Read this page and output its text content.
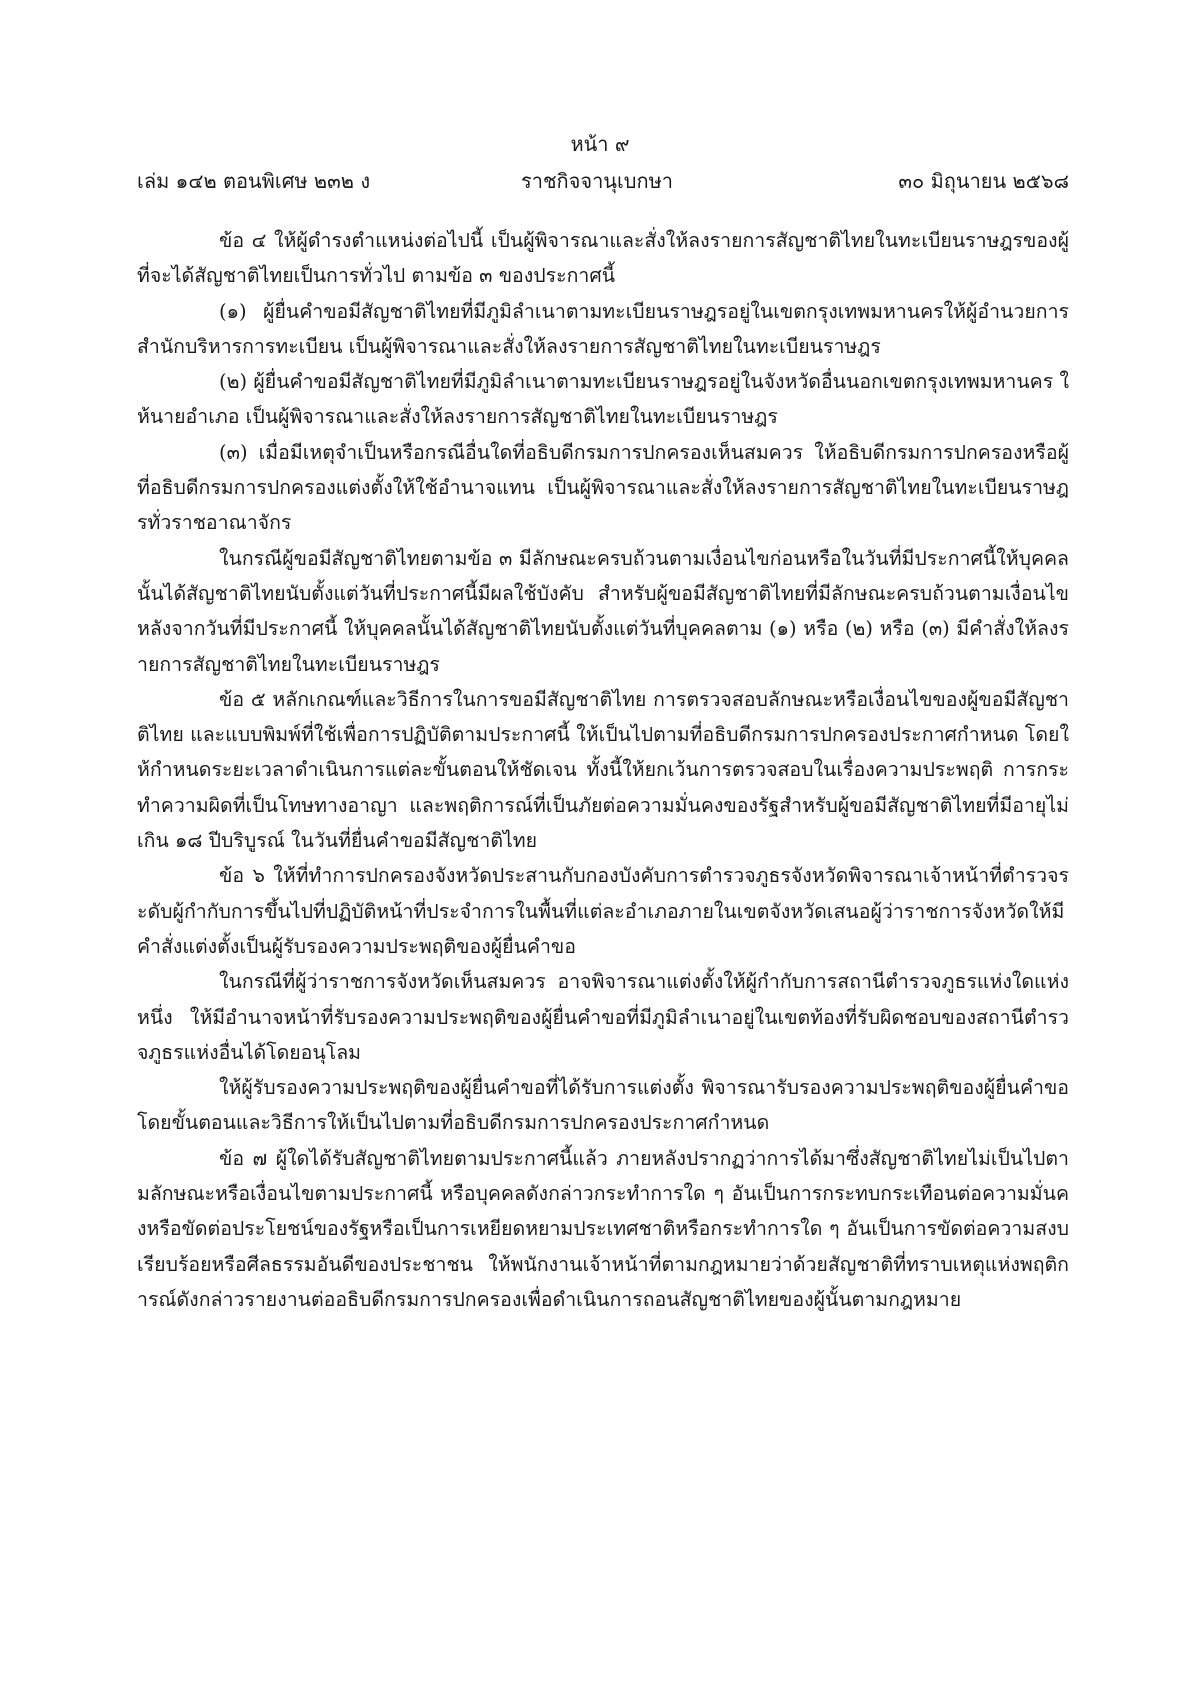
หน้า ๙
เล่ม ๑๔๒ ตอนพิเศษ ๒๓๒ ง	ราชกิจจานุเบกษา	๓๐ มิถุนายน ๒๕๖๘

ข้อ ๔ ให้ผู้ดำรงตำแหน่งต่อไปนี้ เป็นผู้พิจารณาและสั่งให้ลงรายการสัญชาติไทยในทะเบียนราษฎรของผู้ที่จะได้สัญชาติไทยเป็นการทั่วไป ตามข้อ ๓ ของประกาศนี้

(๑) ผู้ยื่นคำขอมีสัญชาติไทยที่มีภูมิลำเนาตามทะเบียนราษฎรอยู่ในเขตกรุงเทพมหานครให้ผู้อำนวยการสำนักบริหารการทะเบียน เป็นผู้พิจารณาและสั่งให้ลงรายการสัญชาติไทยในทะเบียนราษฎร

(๒) ผู้ยื่นคำขอมีสัญชาติไทยที่มีภูมิลำเนาตามทะเบียนราษฎรอยู่ในจังหวัดอื่นนอกเขตกรุงเทพมหานคร ให้นายอำเภอ เป็นผู้พิจารณาและสั่งให้ลงรายการสัญชาติไทยในทะเบียนราษฎร

(๓) เมื่อมีเหตุจำเป็นหรือกรณีอื่นใดที่อธิบดีกรมการปกครองเห็นสมควร ให้อธิบดีกรมการปกครองหรือผู้ที่อธิบดีกรมการปกครองแต่งตั้งให้ใช้อำนาจแทน เป็นผู้พิจารณาและสั่งให้ลงรายการสัญชาติไทยในทะเบียนราษฎรทั่วราชอาณาจักร

ในกรณีผู้ขอมีสัญชาติไทยตามข้อ ๓ มีลักษณะครบถ้วนตามเงื่อนไขก่อนหรือในวันที่มีประกาศนี้ให้บุคคลนั้นได้สัญชาติไทยนับตั้งแต่วันที่ประกาศนี้มีผลใช้บังคับ สำหรับผู้ขอมีสัญชาติไทยที่มีลักษณะครบถ้วนตามเงื่อนไขหลังจากวันที่มีประกาศนี้ ให้บุคคลนั้นได้สัญชาติไทยนับตั้งแต่วันที่บุคคลตาม (๑) หรือ (๒) หรือ (๓) มีคำสั่งให้ลงรายการสัญชาติไทยในทะเบียนราษฎร

ข้อ ๕ หลักเกณฑ์และวิธีการในการขอมีสัญชาติไทย การตรวจสอบลักษณะหรือเงื่อนไขของผู้ขอมีสัญชาติไทย และแบบพิมพ์ที่ใช้เพื่อการปฏิบัติตามประกาศนี้ ให้เป็นไปตามที่อธิบดีกรมการปกครองประกาศกำหนด โดยให้กำหนดระยะเวลาดำเนินการแต่ละขั้นตอนให้ชัดเจน ทั้งนี้ให้ยกเว้นการตรวจสอบในเรื่องความประพฤติ การกระทำความผิดที่เป็นโทษทางอาญา และพฤติการณ์ที่เป็นภัยต่อความมั่นคงของรัฐสำหรับผู้ขอมีสัญชาติไทยที่มีอายุไม่เกิน ๑๘ ปีบริบูรณ์ ในวันที่ยื่นคำขอมีสัญชาติไทย

ข้อ ๖ ให้ที่ทำการปกครองจังหวัดประสานกับกองบังคับการตำรวจภูธรจังหวัดพิจารณาเจ้าหน้าที่ตำรวจระดับผู้กำกับการขึ้นไปที่ปฏิบัติหน้าที่ประจำการในพื้นที่แต่ละอำเภอภายในเขตจังหวัดเสนอผู้ว่าราชการจังหวัดให้มีคำสั่งแต่งตั้งเป็นผู้รับรองความประพฤติของผู้ยื่นคำขอ

ในกรณีที่ผู้ว่าราชการจังหวัดเห็นสมควร อาจพิจารณาแต่งตั้งให้ผู้กำกับการสถานีตำรวจภูธรแห่งใดแห่งหนึ่ง ให้มีอำนาจหน้าที่รับรองความประพฤติของผู้ยื่นคำขอที่มีภูมิลำเนาอยู่ในเขตท้องที่รับผิดชอบของสถานีตำรวจภูธรแห่งอื่นได้โดยอนุโลม

ให้ผู้รับรองความประพฤติของผู้ยื่นคำขอที่ได้รับการแต่งตั้ง พิจารณารับรองความประพฤติของผู้ยื่นคำขอ โดยขั้นตอนและวิธีการให้เป็นไปตามที่อธิบดีกรมการปกครองประกาศกำหนด

ข้อ ๗ ผู้ใดได้รับสัญชาติไทยตามประกาศนี้แล้ว ภายหลังปรากฏว่าการได้มาซึ่งสัญชาติไทยไม่เป็นไปตามลักษณะหรือเงื่อนไขตามประกาศนี้ หรือบุคคลดังกล่าวกระทำการใด ๆ อันเป็นการกระทบกระเทือนต่อความมั่นคงหรือขัดต่อประโยชน์ของรัฐหรือเป็นการเหยียดหยามประเทศชาติหรือกระทำการใด ๆ อันเป็นการขัดต่อความสงบเรียบร้อยหรือศีลธรรมอันดีของประชาชน ให้พนักงานเจ้าหน้าที่ตามกฎหมายว่าด้วยสัญชาติที่ทราบเหตุแห่งพฤติการณ์ดังกล่าวรายงานต่ออธิบดีกรมการปกครองเพื่อดำเนินการถอนสัญชาติไทยของผู้นั้นตามกฎหมาย
